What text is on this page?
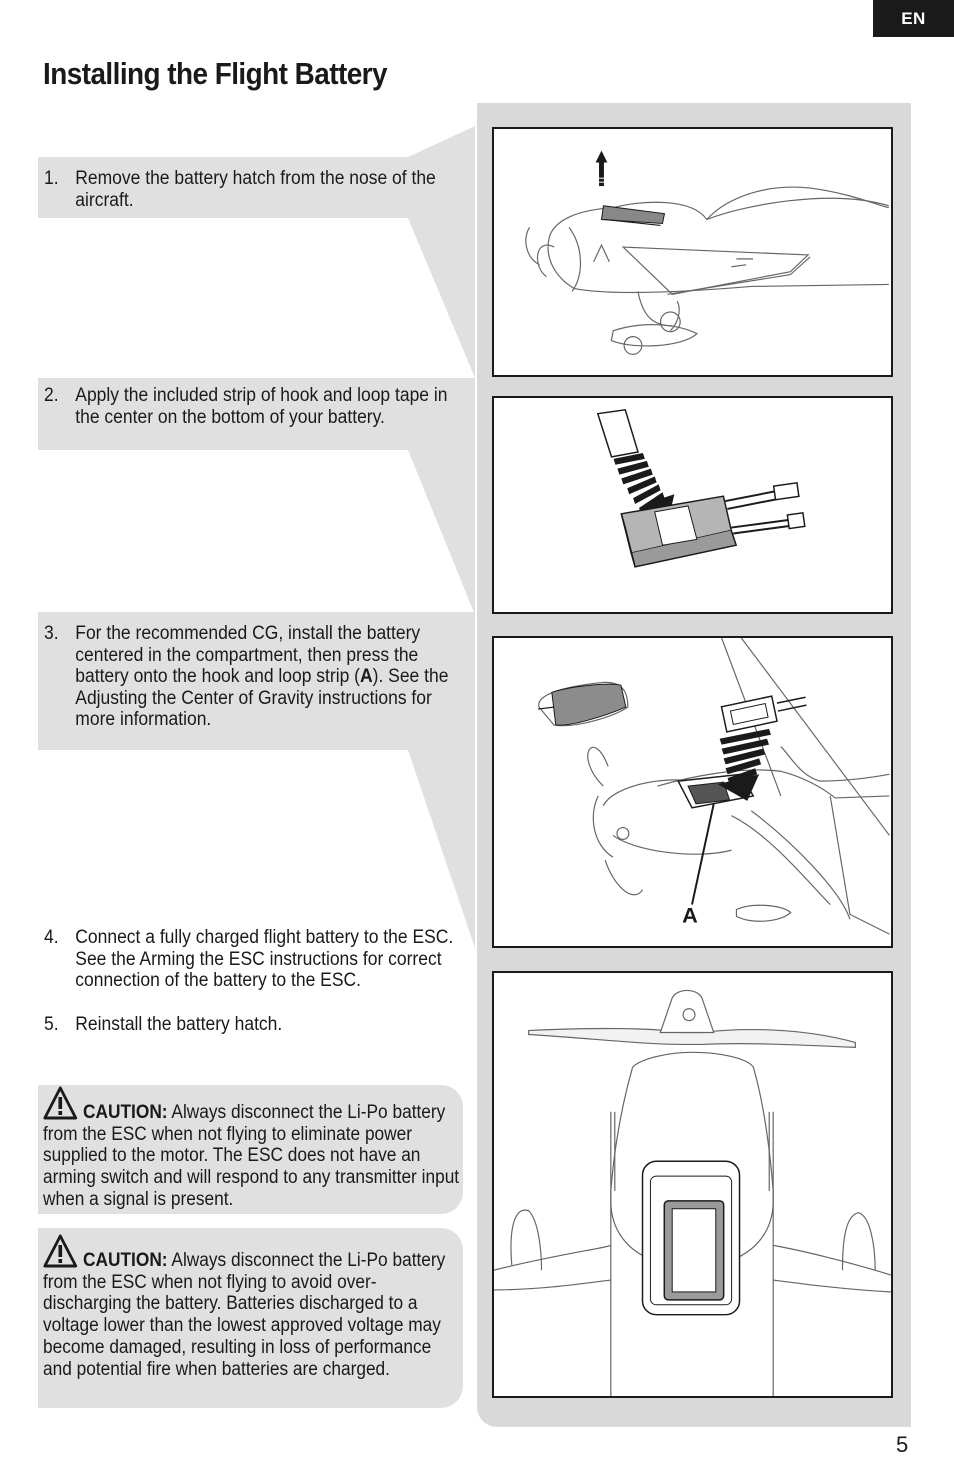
EN
Installing the Flight Battery
A
1. Remove the battery hatch from the nose of the aircraft.
2. Apply the included strip of hook and loop tape in the center on the bottom of your battery.
3. For the recommended CG, install the battery centered in the compartment, then press the battery onto the hook and loop strip (A). See the Adjusting the Center of Gravity instructions for more information.
4. Connect a fully charged flight battery to the ESC. See the Arming the ESC instructions for correct connection of the battery to the ESC.
5. Reinstall the battery hatch.

CAUTION: Always disconnect the Li-Po battery from the ESC when not flying to eliminate power supplied to the motor. The ESC does not have an arming switch and will respond to any transmitter input when a signal is present.

CAUTION: Always disconnect the Li-Po battery from the ESC when not flying to avoid over-discharging the battery. Batteries discharged to a voltage lower than the lowest approved voltage may become damaged, resulting in loss of performance and potential fire when batteries are charged.

5
